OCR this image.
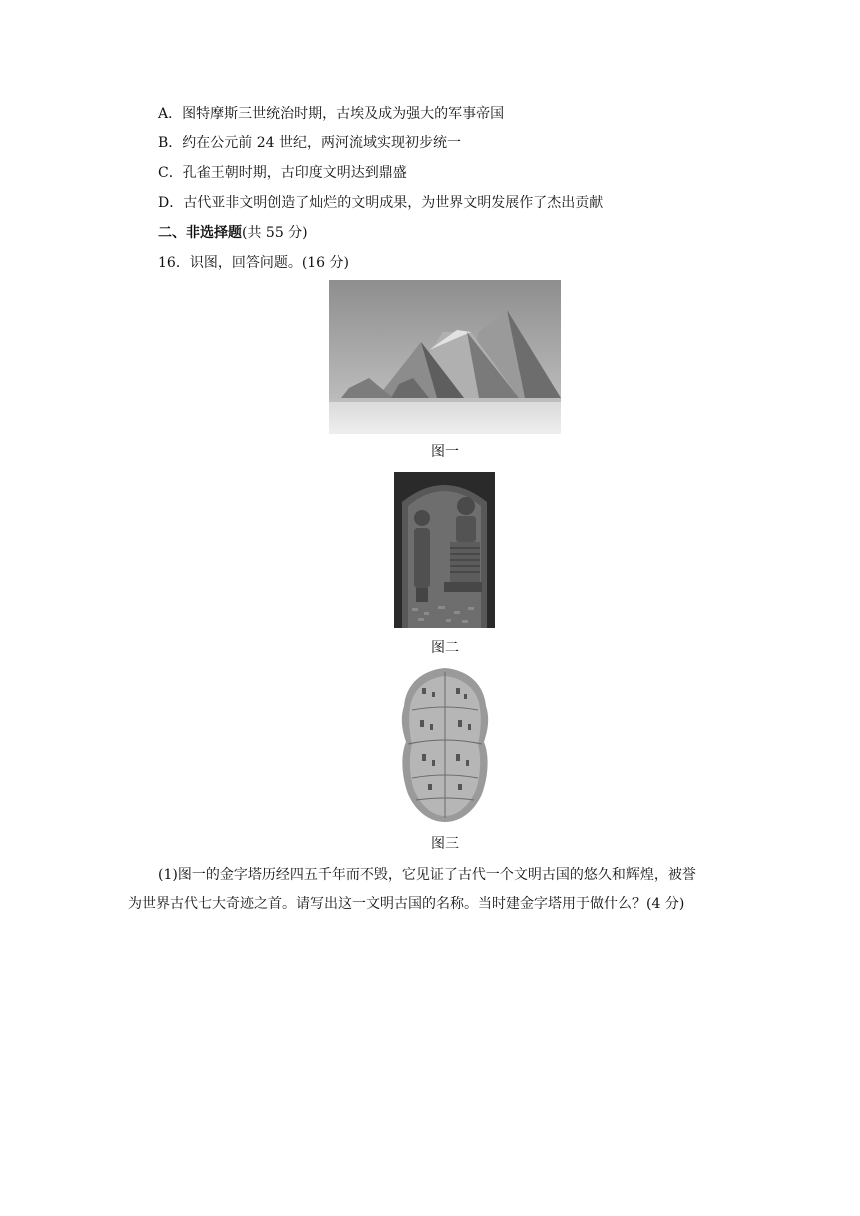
A．图特摩斯三世统治时期，古埃及成为强大的军事帝国
B．约在公元前 24 世纪，两河流域实现初步统一
C．孔雀王朝时期，古印度文明达到鼎盛
D．古代亚非文明创造了灿烂的文明成果，为世界文明发展作了杰出贡献
二、非选择题(共 55 分)
16．识图，回答问题。(16 分)
图一
图二
图三
(1)图一的金字塔历经四五千年而不毁，它见证了古代一个文明古国的悠久和辉煌，被誉
为世界古代七大奇迹之首。请写出这一文明古国的名称。当时建金字塔用于做什么？(4 分)
